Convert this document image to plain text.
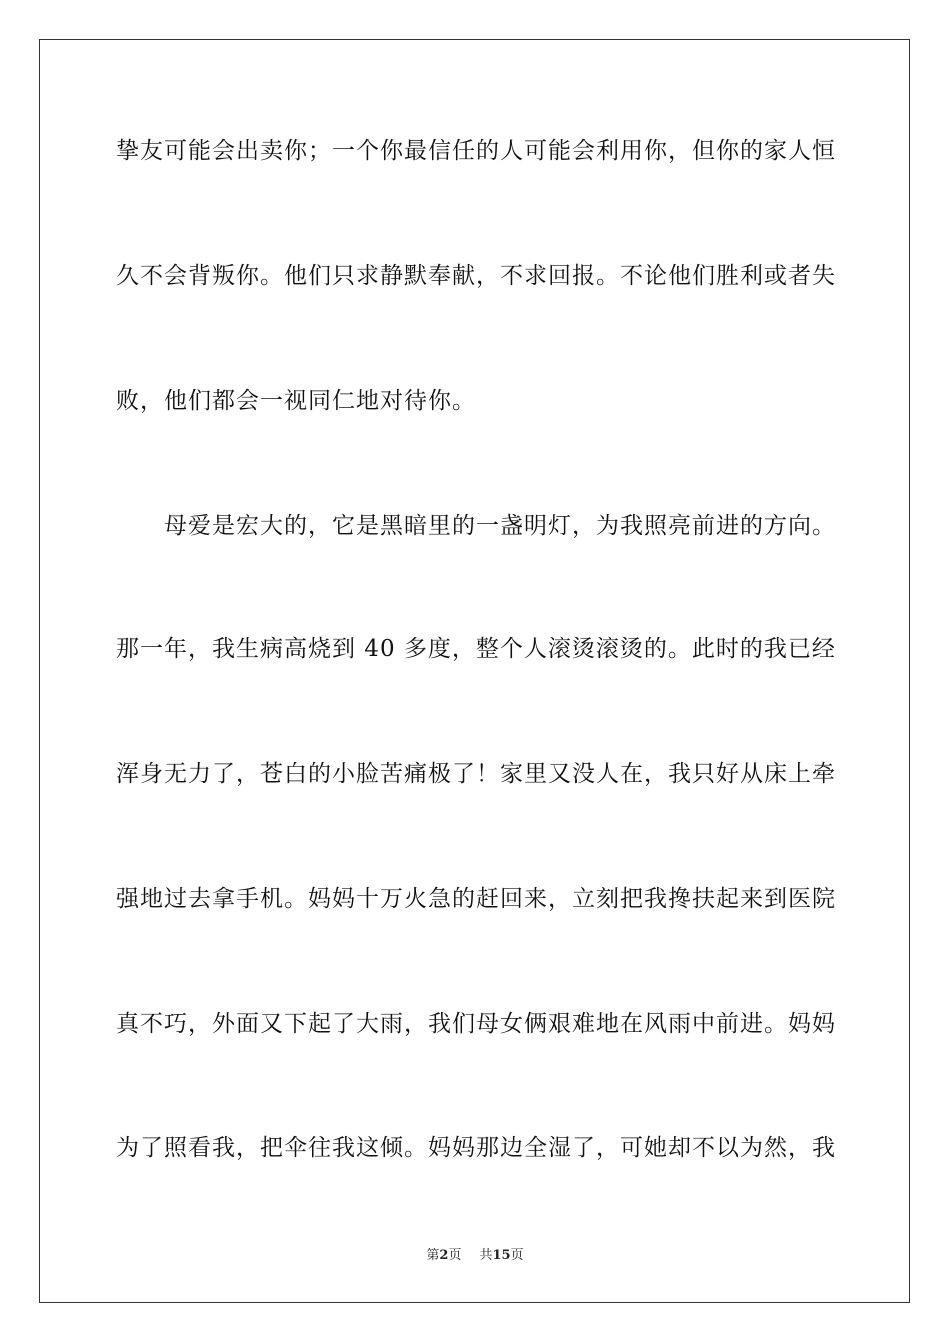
挚友可能会出卖你；一个你最信任的人可能会利用你，但你的家人恒
久不会背叛你。他们只求静默奉献，不求回报。不论他们胜利或者失
败，他们都会一视同仁地对待你。
母爱是宏大的，它是黑暗里的一盏明灯，为我照亮前进的方向。
那一年，我生病高烧到 40 多度，整个人滚烫滚烫的。此时的我已经
浑身无力了，苍白的小脸苦痛极了！家里又没人在，我只好从床上牵
强地过去拿手机。妈妈十万火急的赶回来，立刻把我搀扶起来到医院
真不巧，外面又下起了大雨，我们母女俩艰难地在风雨中前进。妈妈
为了照看我，把伞往我这倾。妈妈那边全湿了，可她却不以为然，我
第2页 共15页
